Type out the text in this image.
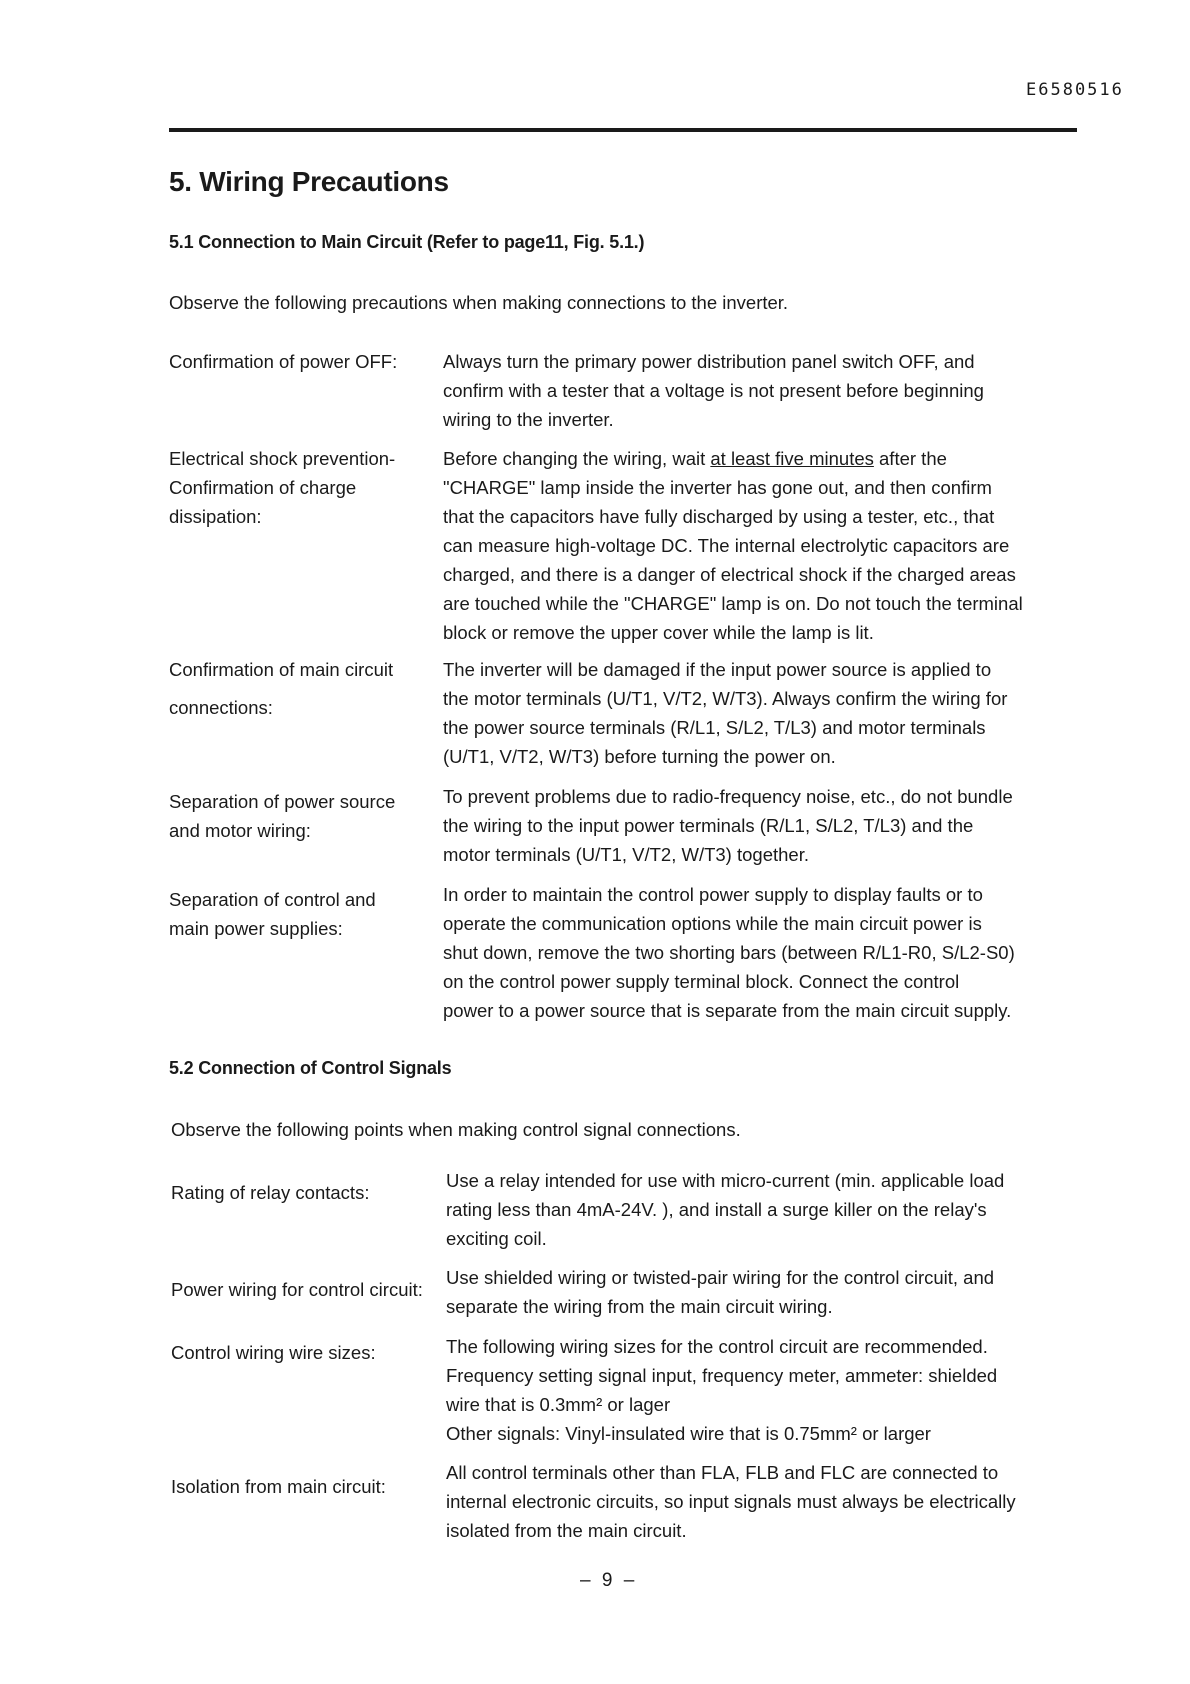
E6580516
5. Wiring Precautions
5.1 Connection to Main Circuit (Refer to page11, Fig. 5.1.)

Observe the following precautions when making connections to the inverter.

Confirmation of power OFF:	Always turn the primary power distribution panel switch OFF, and
confirm with a tester that a voltage is not present before beginning
wiring to the inverter.
Electrical shock prevention-
Confirmation of charge
dissipation:
Before changing the wiring, wait at least five minutes after the
"CHARGE" lamp inside the inverter has gone out, and then confirm
that the capacitors have fully discharged by using a tester, etc., that
can measure high-voltage DC. The internal electrolytic capacitors are
charged, and there is a danger of electrical shock if the charged areas
are touched while the "CHARGE" lamp is on. Do not touch the terminal
block or remove the upper cover while the lamp is lit.
Confirmation of main circuit
connections:
The inverter will be damaged if the input power source is applied to
the motor terminals (U/T1, V/T2, W/T3). Always confirm the wiring for
the power source terminals (R/L1, S/L2, T/L3) and motor terminals
(U/T1, V/T2, W/T3) before turning the power on.
Separation of power source
and motor wiring:
To prevent problems due to radio-frequency noise, etc., do not bundle
the wiring to the input power terminals (R/L1, S/L2, T/L3) and the
motor terminals (U/T1, V/T2, W/T3) together.
Separation of control and
main power supplies:
In order to maintain the control power supply to display faults or to
operate the communication options while the main circuit power is
shut down, remove the two shorting bars (between R/L1-R0, S/L2-S0)
on the control power supply terminal block. Connect the control
power to a power source that is separate from the main circuit supply.
5.2 Connection of Control Signals

Observe the following points when making control signal connections.

Rating of relay contacts:
Use a relay intended for use with micro-current (min. applicable load
rating less than 4mA-24V. ), and install a surge killer on the relay's
exciting coil.
Power wiring for control circuit:
Use shielded wiring or twisted-pair wiring for the control circuit, and
separate the wiring from the main circuit wiring.
Control wiring wire sizes:	The following wiring sizes for the control circuit are recommended.
Frequency setting signal input, frequency meter, ammeter: shielded
wire that is 0.3mm² or lager
Other signals: Vinyl-insulated wire that is 0.75mm² or larger
Isolation from main circuit:
All control terminals other than FLA, FLB and FLC are connected to
internal electronic circuits, so input signals must always be electrically
isolated from the main circuit.
– 9 –
